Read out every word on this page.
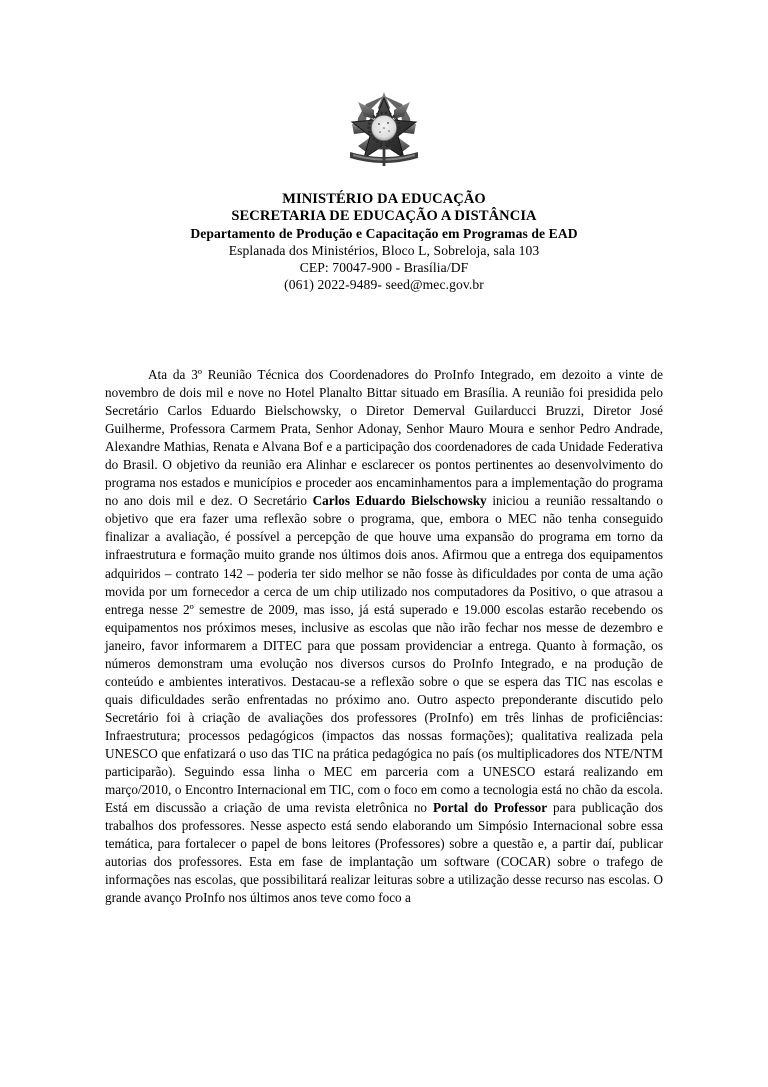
MINISTÉRIO DA EDUCAÇÃO
SECRETARIA DE EDUCAÇÃO A DISTÂNCIA
Departamento de Produção e Capacitação em Programas de EAD
Esplanada dos Ministérios, Bloco L, Sobreloja, sala 103
CEP: 70047-900 - Brasília/DF
(061) 2022-9489- seed@mec.gov.br

Ata da 3º Reunião Técnica dos Coordenadores do ProInfo Integrado, em dezoito a vinte de novembro de dois mil e nove no Hotel Planalto Bittar situado em Brasília. A reunião foi presidida pelo Secretário Carlos Eduardo Bielschowsky, o Diretor Demerval Guilarducci Bruzzi, Diretor José Guilherme, Professora Carmem Prata, Senhor Adonay, Senhor Mauro Moura e senhor Pedro Andrade, Alexandre Mathias, Renata e Alvana Bof e a participação dos coordenadores de cada Unidade Federativa do Brasil. O objetivo da reunião era Alinhar e esclarecer os pontos pertinentes ao desenvolvimento do programa nos estados e municípios e proceder aos encaminhamentos para a implementação do programa no ano dois mil e dez. O Secretário Carlos Eduardo Bielschowsky iniciou a reunião ressaltando o objetivo que era fazer uma reflexão sobre o programa, que, embora o MEC não tenha conseguido finalizar a avaliação, é possível a percepção de que houve uma expansão do programa em torno da infraestrutura e formação muito grande nos últimos dois anos. Afirmou que a entrega dos equipamentos adquiridos – contrato 142 – poderia ter sido melhor se não fosse às dificuldades por conta de uma ação movida por um fornecedor a cerca de um chip utilizado nos computadores da Positivo, o que atrasou a entrega nesse 2º semestre de 2009, mas isso, já está superado e 19.000 escolas estarão recebendo os equipamentos nos próximos meses, inclusive as escolas que não irão fechar nos messe de dezembro e janeiro, favor informarem a DITEC para que possam providenciar a entrega. Quanto à formação, os números demonstram uma evolução nos diversos cursos do ProInfo Integrado, e na produção de conteúdo e ambientes interativos. Destacau-se a reflexão sobre o que se espera das TIC nas escolas e quais dificuldades serão enfrentadas no próximo ano. Outro aspecto preponderante discutido pelo Secretário foi à criação de avaliações dos professores (ProInfo) em três linhas de proficiências: Infraestrutura; processos pedagógicos (impactos das nossas formações); qualitativa realizada pela UNESCO que enfatizará o uso das TIC na prática pedagógica no país (os multiplicadores dos NTE/NTM participarão). Seguindo essa linha o MEC em parceria com a UNESCO estará realizando em março/2010, o Encontro Internacional em TIC, com o foco em como a tecnologia está no chão da escola. Está em discussão a criação de uma revista eletrônica no Portal do Professor para publicação dos trabalhos dos professores. Nesse aspecto está sendo elaborando um Simpósio Internacional sobre essa temática, para fortalecer o papel de bons leitores (Professores) sobre a questão e, a partir daí, publicar autorias dos professores. Esta em fase de implantação um software (COCAR) sobre o trafego de informações nas escolas, que possibilitará realizar leituras sobre a utilização desse recurso nas escolas. O grande avanço ProInfo nos últimos anos teve como foco a
